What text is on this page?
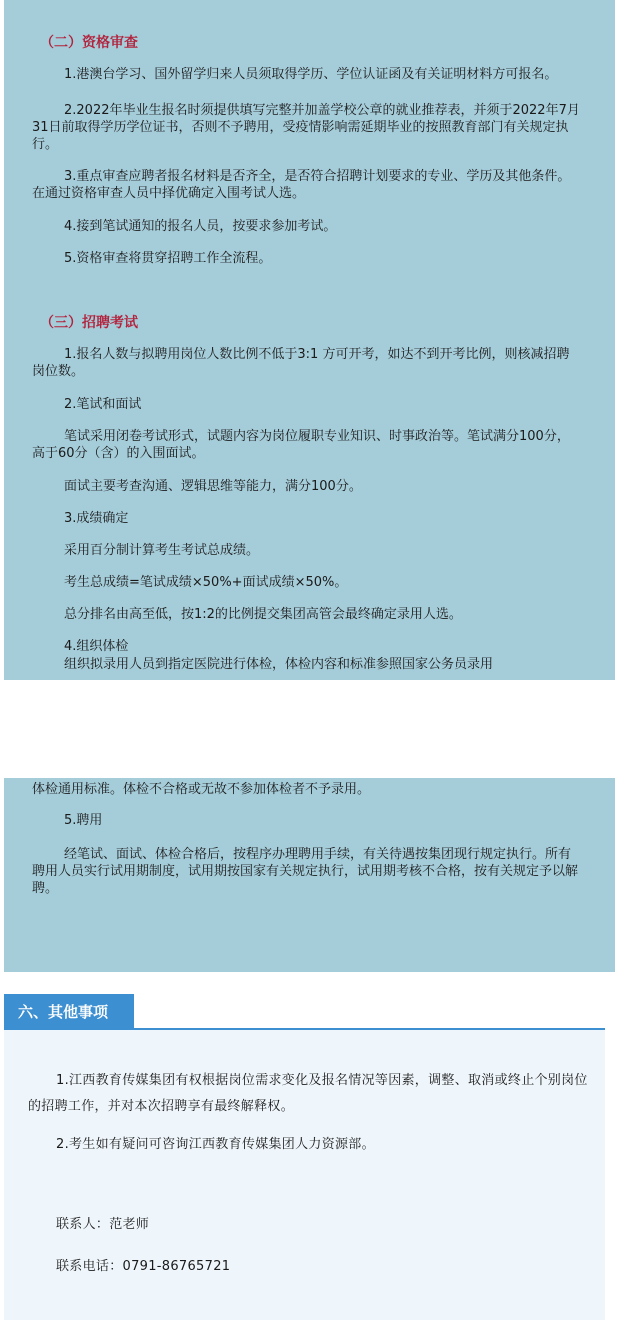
（二）资格审查
1.港澳台学习、国外留学归来人员须取得学历、学位认证函及有关证明材料方可报名。
2.2022年毕业生报名时须提供填写完整并加盖学校公章的就业推荐表，并须于2022年7月31日前取得学历学位证书，否则不予聘用，受疫情影响需延期毕业的按照教育部门有关规定执行。
3.重点审查应聘者报名材料是否齐全，是否符合招聘计划要求的专业、学历及其他条件。在通过资格审查人员中择优确定入围考试人选。
4.接到笔试通知的报名人员，按要求参加考试。
5.资格审查将贯穿招聘工作全流程。
（三）招聘考试
1.报名人数与拟聘用岗位人数比例不低于3:1 方可开考，如达不到开考比例，则核减招聘岗位数。
2.笔试和面试
笔试采用闭卷考试形式，试题内容为岗位履职专业知识、时事政治等。笔试满分100分，高于60分（含）的入围面试。
面试主要考查沟通、逻辑思维等能力，满分100分。
3.成绩确定
采用百分制计算考生考试总成绩。
考生总成绩=笔试成绩×50%+面试成绩×50%。
总分排名由高至低，按1:2的比例提交集团高管会最终确定录用人选。
4.组织体检
组织拟录用人员到指定医院进行体检，体检内容和标准参照国家公务员录用
体检通用标准。体检不合格或无故不参加体检者不予录用。
5.聘用
经笔试、面试、体检合格后，按程序办理聘用手续，有关待遇按集团现行规定执行。所有聘用人员实行试用期制度，试用期按国家有关规定执行，试用期考核不合格，按有关规定予以解聘。
六、其他事项
1.江西教育传媒集团有权根据岗位需求变化及报名情况等因素，调整、取消或终止个别岗位的招聘工作，并对本次招聘享有最终解释权。
2.考生如有疑问可咨询江西教育传媒集团人力资源部。
联系人：范老师
联系电话：0791-86765721
